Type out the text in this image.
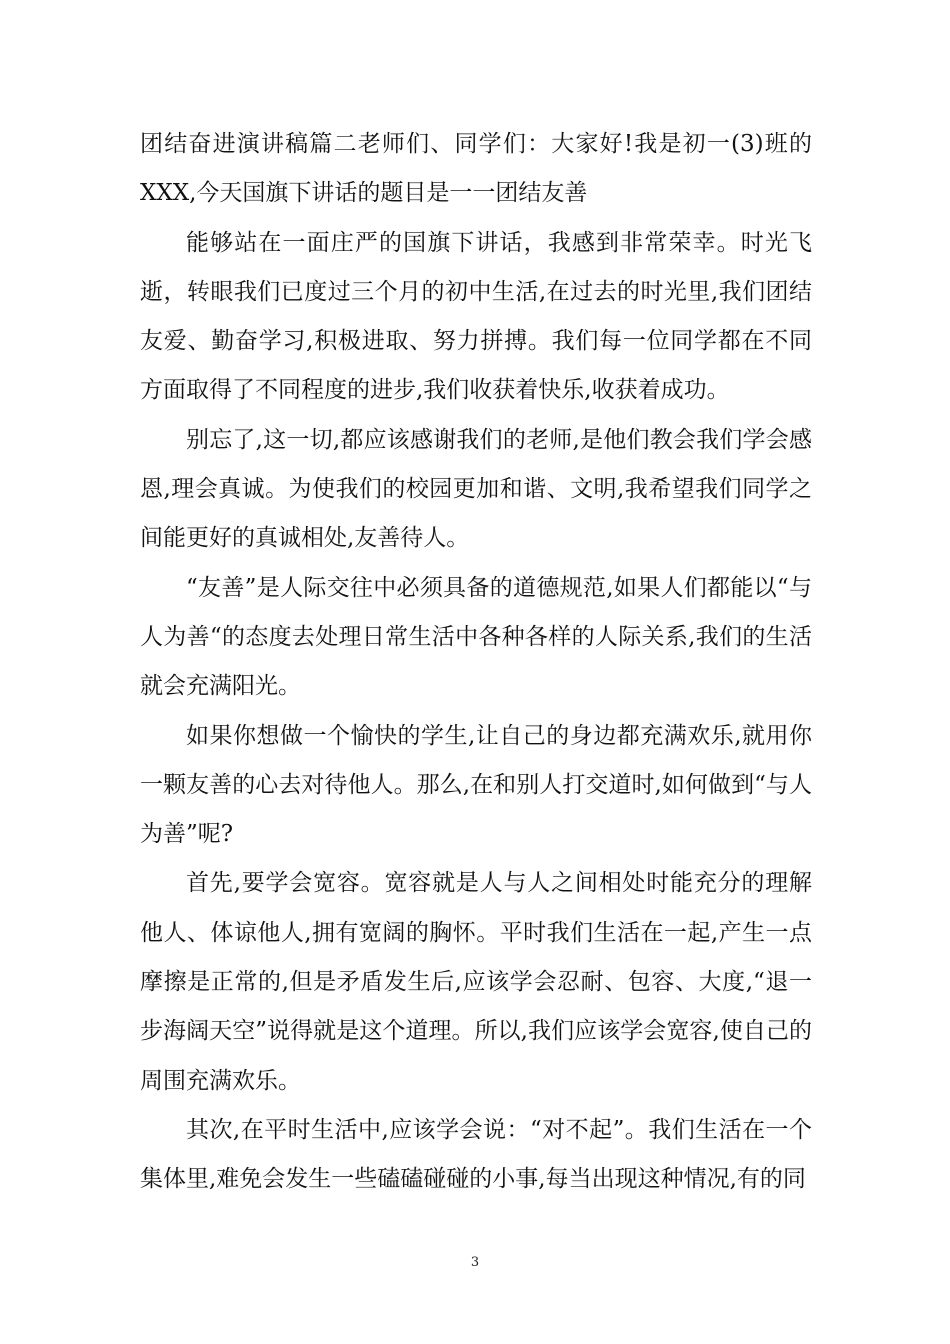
团结奋进演讲稿篇二老师们、同学们：大家好!我是初一(3)班的XXX,今天国旗下讲话的题目是一一团结友善

能够站在一面庄严的国旗下讲话，我感到非常荣幸。时光飞逝，转眼我们已度过三个月的初中生活,在过去的时光里,我们团结友爱、勤奋学习,积极进取、努力拼搏。我们每一位同学都在不同方面取得了不同程度的进步,我们收获着快乐,收获着成功。

别忘了,这一切,都应该感谢我们的老师,是他们教会我们学会感恩,理会真诚。为使我们的校园更加和谐、文明,我希望我们同学之间能更好的真诚相处,友善待人。

“友善”是人际交往中必须具备的道德规范,如果人们都能以“与人为善“的态度去处理日常生活中各种各样的人际关系,我们的生活就会充满阳光。

如果你想做一个愉快的学生,让自己的身边都充满欢乐,就用你一颗友善的心去对待他人。那么,在和别人打交道时,如何做到“与人为善”呢?

首先,要学会宽容。宽容就是人与人之间相处时能充分的理解他人、体谅他人,拥有宽阔的胸怀。平时我们生活在一起,产生一点摩擦是正常的,但是矛盾发生后,应该学会忍耐、包容、大度,“退一步海阔天空”说得就是这个道理。所以,我们应该学会宽容,使自己的周围充满欢乐。

其次,在平时生活中,应该学会说：“对不起”。我们生活在一个集体里,难免会发生一些磕磕碰碰的小事,每当出现这种情况,有的同

3
